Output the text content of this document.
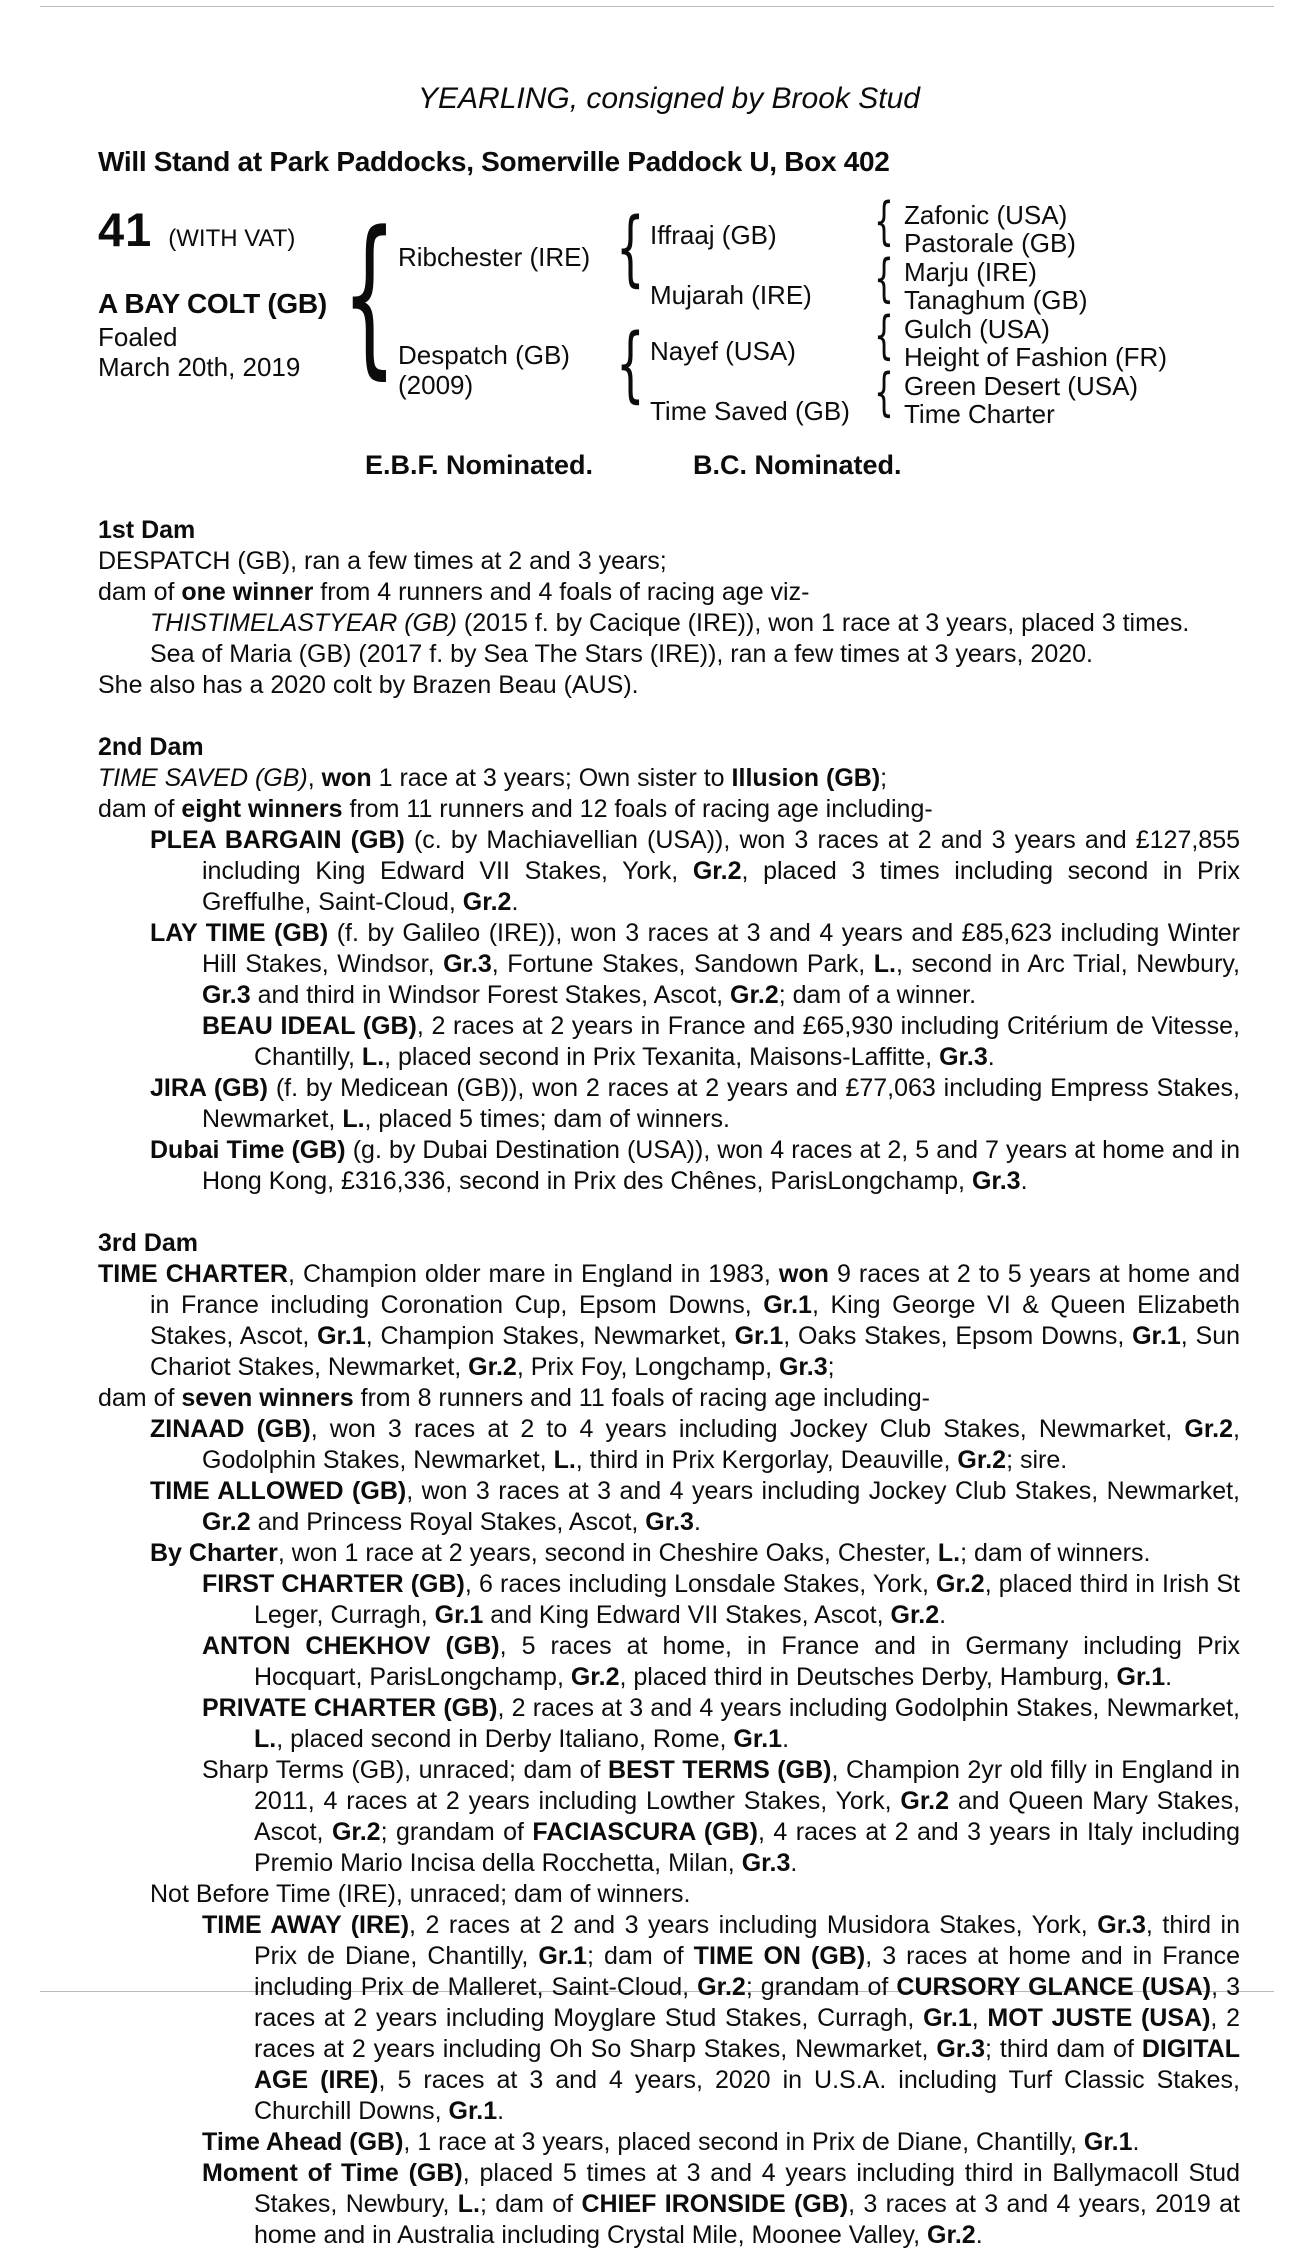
YEARLING, consigned by Brook Stud
Will Stand at Park Paddocks, Somerville Paddock U, Box 402
41 (WITH VAT)
A BAY COLT (GB)
Foaled
March 20th, 2019 {	{
{
{
{
{
{
Ribchester (IRE)
Despatch (GB)
(2009)
Iffraaj (GB)
Mujarah (IRE)
Nayef (USA)
Time Saved (GB)
Zafonic (USA)
Pastorale (GB)
Marju (IRE)
Tanaghum (GB)
Gulch (USA)
Height of Fashion (FR)
Green Desert (USA)
Time Charter
E.B.F. Nominated.	B.C. Nominated.
1st Dam

DESPATCH (GB), ran a few times at 2 and 3 years;

dam of one winner from 4 runners and 4 foals of racing age viz-

THISTIMELASTYEAR (GB) (2015 f. by Cacique (IRE)), won 1 race at 3 years, placed 3 times.

Sea of Maria (GB) (2017 f. by Sea The Stars (IRE)), ran a few times at 3 years, 2020.

She also has a 2020 colt by Brazen Beau (AUS).

2nd Dam

TIME SAVED (GB), won 1 race at 3 years; Own sister to Illusion (GB);

dam of eight winners from 11 runners and 12 foals of racing age including-

PLEA BARGAIN (GB) (c. by Machiavellian (USA)), won 3 races at 2 and 3 years and £127,855 including King Edward VII Stakes, York, Gr.2, placed 3 times including second in Prix Greffulhe, Saint-Cloud, Gr.2.

LAY TIME (GB) (f. by Galileo (IRE)), won 3 races at 3 and 4 years and £85,623 including Winter Hill Stakes, Windsor, Gr.3, Fortune Stakes, Sandown Park, L., second in Arc Trial, Newbury, Gr.3 and third in Windsor Forest Stakes, Ascot, Gr.2; dam of a winner.

BEAU IDEAL (GB), 2 races at 2 years in France and £65,930 including Critérium de Vitesse, Chantilly, L., placed second in Prix Texanita, Maisons-Laffitte, Gr.3.

JIRA (GB) (f. by Medicean (GB)), won 2 races at 2 years and £77,063 including Empress Stakes, Newmarket, L., placed 5 times; dam of winners.

Dubai Time (GB) (g. by Dubai Destination (USA)), won 4 races at 2, 5 and 7 years at home and in Hong Kong, £316,336, second in Prix des Chênes, ParisLongchamp, Gr.3.

3rd Dam

TIME CHARTER, Champion older mare in England in 1983, won 9 races at 2 to 5 years at home and in France including Coronation Cup, Epsom Downs, Gr.1, King George VI & Queen Elizabeth Stakes, Ascot, Gr.1, Champion Stakes, Newmarket, Gr.1, Oaks Stakes, Epsom Downs, Gr.1, Sun Chariot Stakes, Newmarket, Gr.2, Prix Foy, Longchamp, Gr.3;

dam of seven winners from 8 runners and 11 foals of racing age including-

ZINAAD (GB), won 3 races at 2 to 4 years including Jockey Club Stakes, Newmarket, Gr.2, Godolphin Stakes, Newmarket, L., third in Prix Kergorlay, Deauville, Gr.2; sire.

TIME ALLOWED (GB), won 3 races at 3 and 4 years including Jockey Club Stakes, Newmarket, Gr.2 and Princess Royal Stakes, Ascot, Gr.3.

By Charter, won 1 race at 2 years, second in Cheshire Oaks, Chester, L.; dam of winners.

FIRST CHARTER (GB), 6 races including Lonsdale Stakes, York, Gr.2, placed third in Irish St Leger, Curragh, Gr.1 and King Edward VII Stakes, Ascot, Gr.2.

ANTON CHEKHOV (GB), 5 races at home, in France and in Germany including Prix Hocquart, ParisLongchamp, Gr.2, placed third in Deutsches Derby, Hamburg, Gr.1.

PRIVATE CHARTER (GB), 2 races at 3 and 4 years including Godolphin Stakes, Newmarket, L., placed second in Derby Italiano, Rome, Gr.1.

Sharp Terms (GB), unraced; dam of BEST TERMS (GB), Champion 2yr old filly in England in 2011, 4 races at 2 years including Lowther Stakes, York, Gr.2 and Queen Mary Stakes, Ascot, Gr.2; grandam of FACIASCURA (GB), 4 races at 2 and 3 years in Italy including Premio Mario Incisa della Rocchetta, Milan, Gr.3.

Not Before Time (IRE), unraced; dam of winners.

TIME AWAY (IRE), 2 races at 2 and 3 years including Musidora Stakes, York, Gr.3, third in Prix de Diane, Chantilly, Gr.1; dam of TIME ON (GB), 3 races at home and in France including Prix de Malleret, Saint-Cloud, Gr.2; grandam of CURSORY GLANCE (USA), 3 races at 2 years including Moyglare Stud Stakes, Curragh, Gr.1, MOT JUSTE (USA), 2 races at 2 years including Oh So Sharp Stakes, Newmarket, Gr.3; third dam of DIGITAL AGE (IRE), 5 races at 3 and 4 years, 2020 in U.S.A. including Turf Classic Stakes, Churchill Downs, Gr.1.

Time Ahead (GB), 1 race at 3 years, placed second in Prix de Diane, Chantilly, Gr.1.

Moment of Time (GB), placed 5 times at 3 and 4 years including third in Ballymacoll Stud Stakes, Newbury, L.; dam of CHIEF IRONSIDE (GB), 3 races at 3 and 4 years, 2019 at home and in Australia including Crystal Mile, Moonee Valley, Gr.2.
